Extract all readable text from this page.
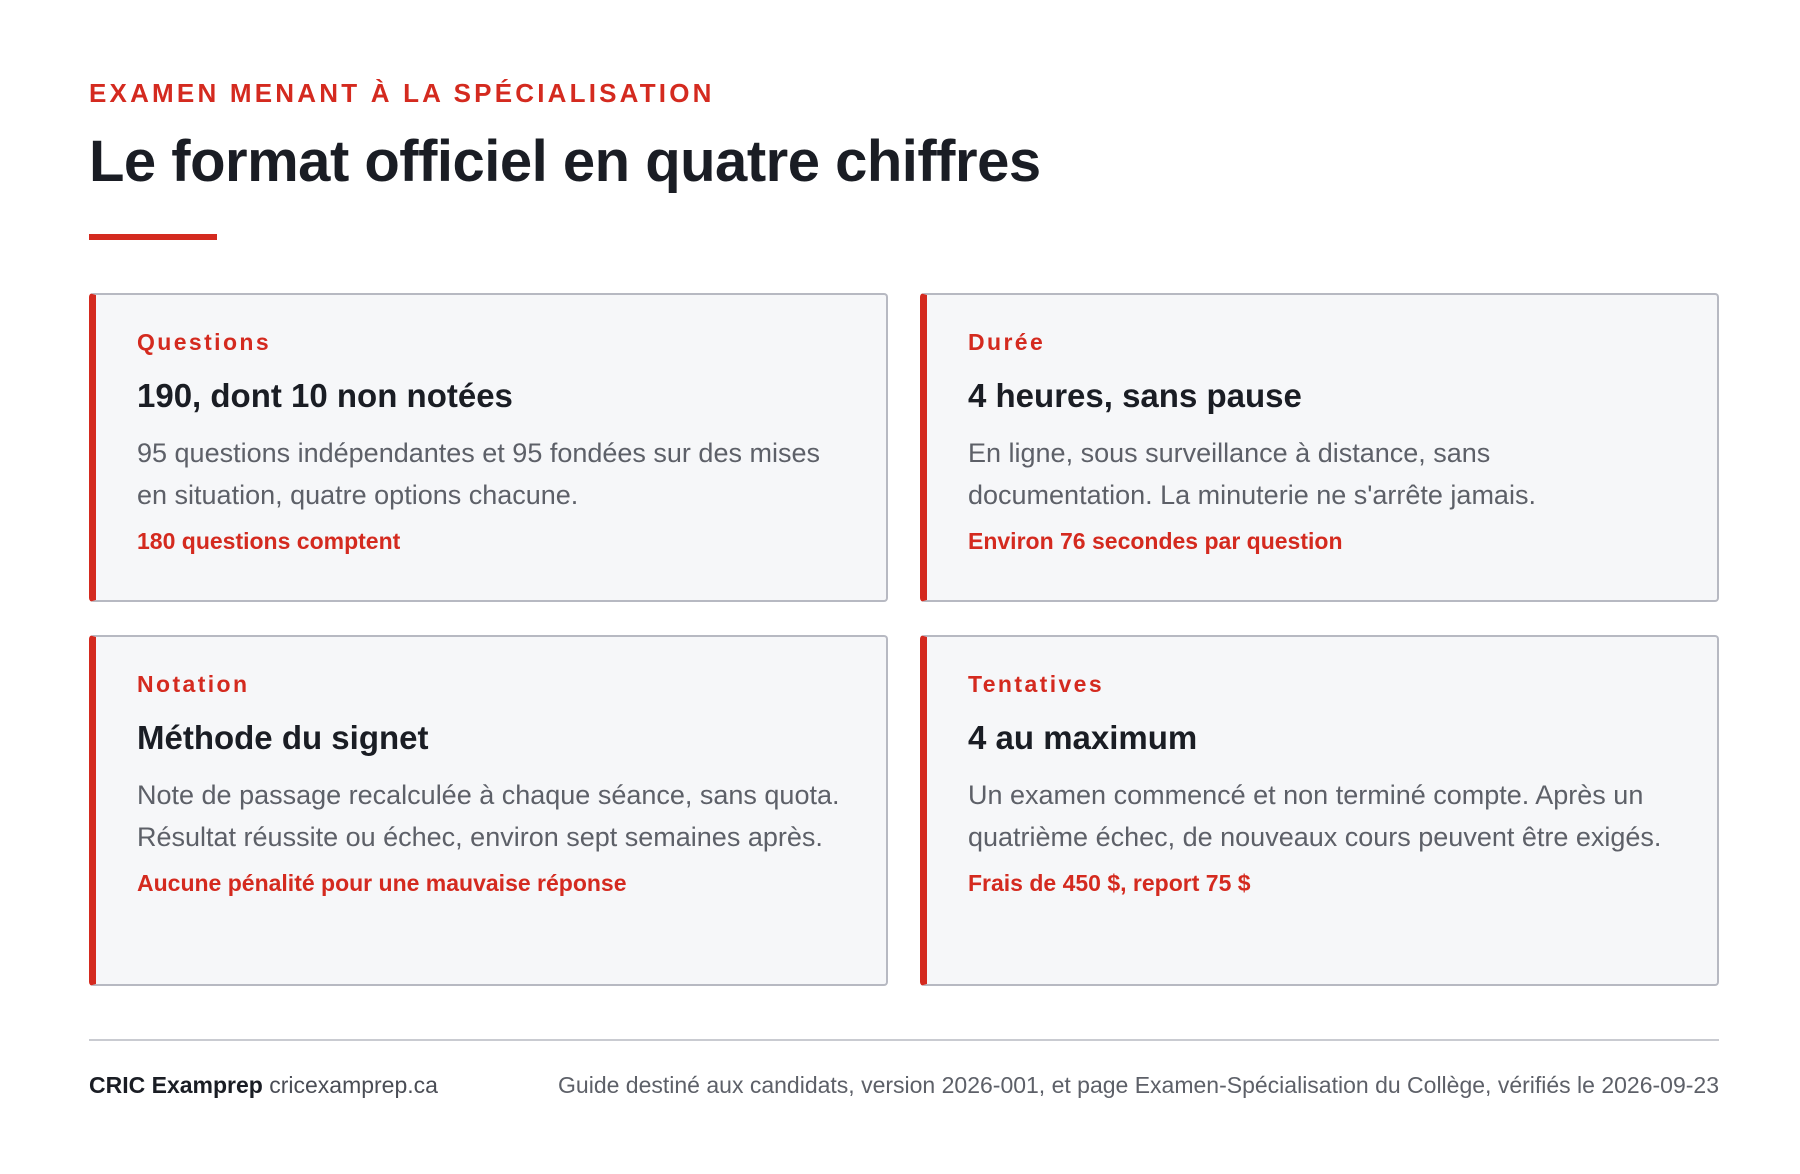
EXAMEN MENANT À LA SPÉCIALISATION
Le format officiel en quatre chiffres
Questions
190, dont 10 non notées
95 questions indépendantes et 95 fondées sur des mises en situation, quatre options chacune.
180 questions comptent
Durée
4 heures, sans pause
En ligne, sous surveillance à distance, sans documentation. La minuterie ne s'arrête jamais.
Environ 76 secondes par question
Notation
Méthode du signet
Note de passage recalculée à chaque séance, sans quota. Résultat réussite ou échec, environ sept semaines après.
Aucune pénalité pour une mauvaise réponse
Tentatives
4 au maximum
Un examen commencé et non terminé compte. Après un quatrième échec, de nouveaux cours peuvent être exigés.
Frais de 450 $, report 75 $
CRIC Examprep cricexamprep.ca	Guide destiné aux candidats, version 2026-001, et page Examen-Spécialisation du Collège, vérifiés le 2026-09-23
